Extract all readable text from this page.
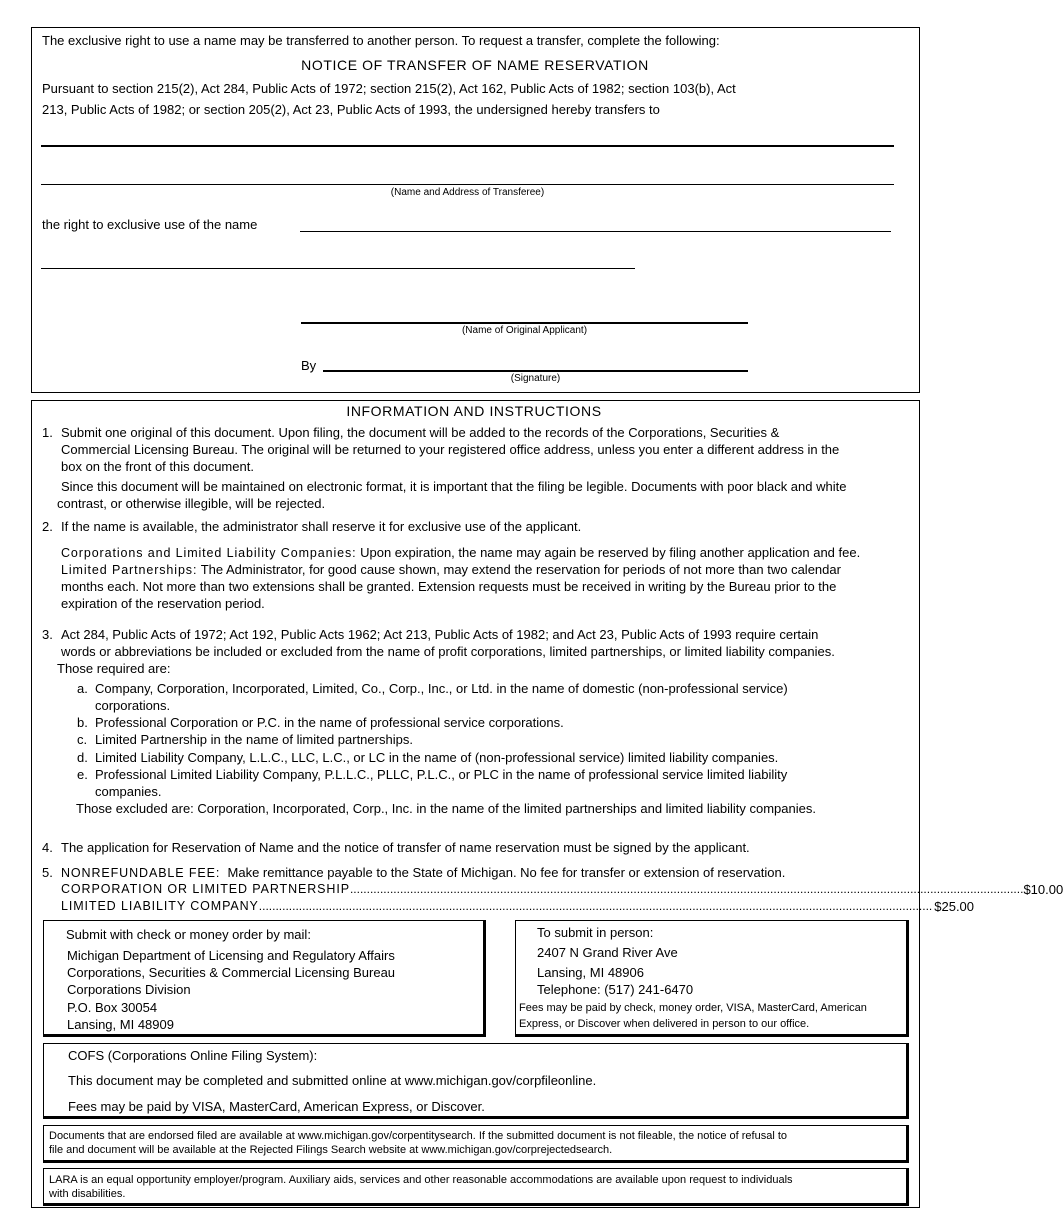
The exclusive right to use a name may be transferred to another person. To request a transfer, complete the following:
NOTICE OF TRANSFER OF NAME RESERVATION
Pursuant to section 215(2), Act 284, Public Acts of 1972; section 215(2), Act 162, Public Acts of 1982; section 103(b), Act
213, Public Acts of 1982; or section 205(2), Act 23, Public Acts of 1993, the undersigned hereby transfers to
(Name and Address of Transferee)
the right to exclusive use of the name
(Name of Original Applicant)
By
(Signature)
INFORMATION AND INSTRUCTIONS
1. Submit one original of this document. Upon filing, the document will be added to the records of the Corporations, Securities &
Commercial Licensing Bureau. The original will be returned to your registered office address, unless you enter a different address in the
box on the front of this document.
Since this document will be maintained on electronic format, it is important that the filing be legible. Documents with poor black and white
contrast, or otherwise illegible, will be rejected.
2. If the name is available, the administrator shall reserve it for exclusive use of the applicant.
Corporations and Limited Liability Companies: Upon expiration, the name may again be reserved by filing another application and fee.
Limited Partnerships: The Administrator, for good cause shown, may extend the reservation for periods of not more than two calendar
months each. Not more than two extensions shall be granted. Extension requests must be received in writing by the Bureau prior to the
expiration of the reservation period.
3. Act 284, Public Acts of 1972; Act 192, Public Acts 1962; Act 213, Public Acts of 1982; and Act 23, Public Acts of 1993 require certain
words or abbreviations be included or excluded from the name of profit corporations, limited partnerships, or limited liability companies.
Those required are:
a. Company, Corporation, Incorporated, Limited, Co., Corp., Inc., or Ltd. in the name of domestic (non-professional service)
corporations.
b. Professional Corporation or P.C. in the name of professional service corporations.
c. Limited Partnership in the name of limited partnerships.
d. Limited Liability Company, L.L.C., LLC, L.C., or LC in the name of (non-professional service) limited liability companies.
e. Professional Limited Liability Company, P.L.L.C., PLLC, P.L.C., or PLC in the name of professional service limited liability
companies.
Those excluded are: Corporation, Incorporated, Corp., Inc. in the name of the limited partnerships and limited liability companies.
4. The application for Reservation of Name and the notice of transfer of name reservation must be signed by the applicant.
5. NONREFUNDABLE FEE:  Make remittance payable to the State of Michigan. No fee for transfer or extension of reservation.
CORPORATION OR LIMITED PARTNERSHIP .......................................................................................................................................................................................................... $10.00
LIMITED LIABILITY COMPANY .......................................................................................................................................................................................................... $25.00
Submit with check or money order by mail:
Michigan Department of Licensing and Regulatory Affairs
Corporations, Securities & Commercial Licensing Bureau
Corporations Division
P.O. Box 30054
Lansing, MI 48909
To submit in person:
2407 N Grand River Ave
Lansing, MI 48906
Telephone: (517) 241-6470
Fees may be paid by check, money order, VISA, MasterCard, American
Express, or Discover when delivered in person to our office.
COFS (Corporations Online Filing System):
This document may be completed and submitted online at www.michigan.gov/corpfileonline.
Fees may be paid by VISA, MasterCard, American Express, or Discover.
Documents that are endorsed filed are available at www.michigan.gov/corpentitysearch. If the submitted document is not fileable, the notice of refusal to
file and document will be available at the Rejected Filings Search website at www.michigan.gov/corprejectedsearch.
LARA is an equal opportunity employer/program. Auxiliary aids, services and other reasonable accommodations are available upon request to individuals
with disabilities.
